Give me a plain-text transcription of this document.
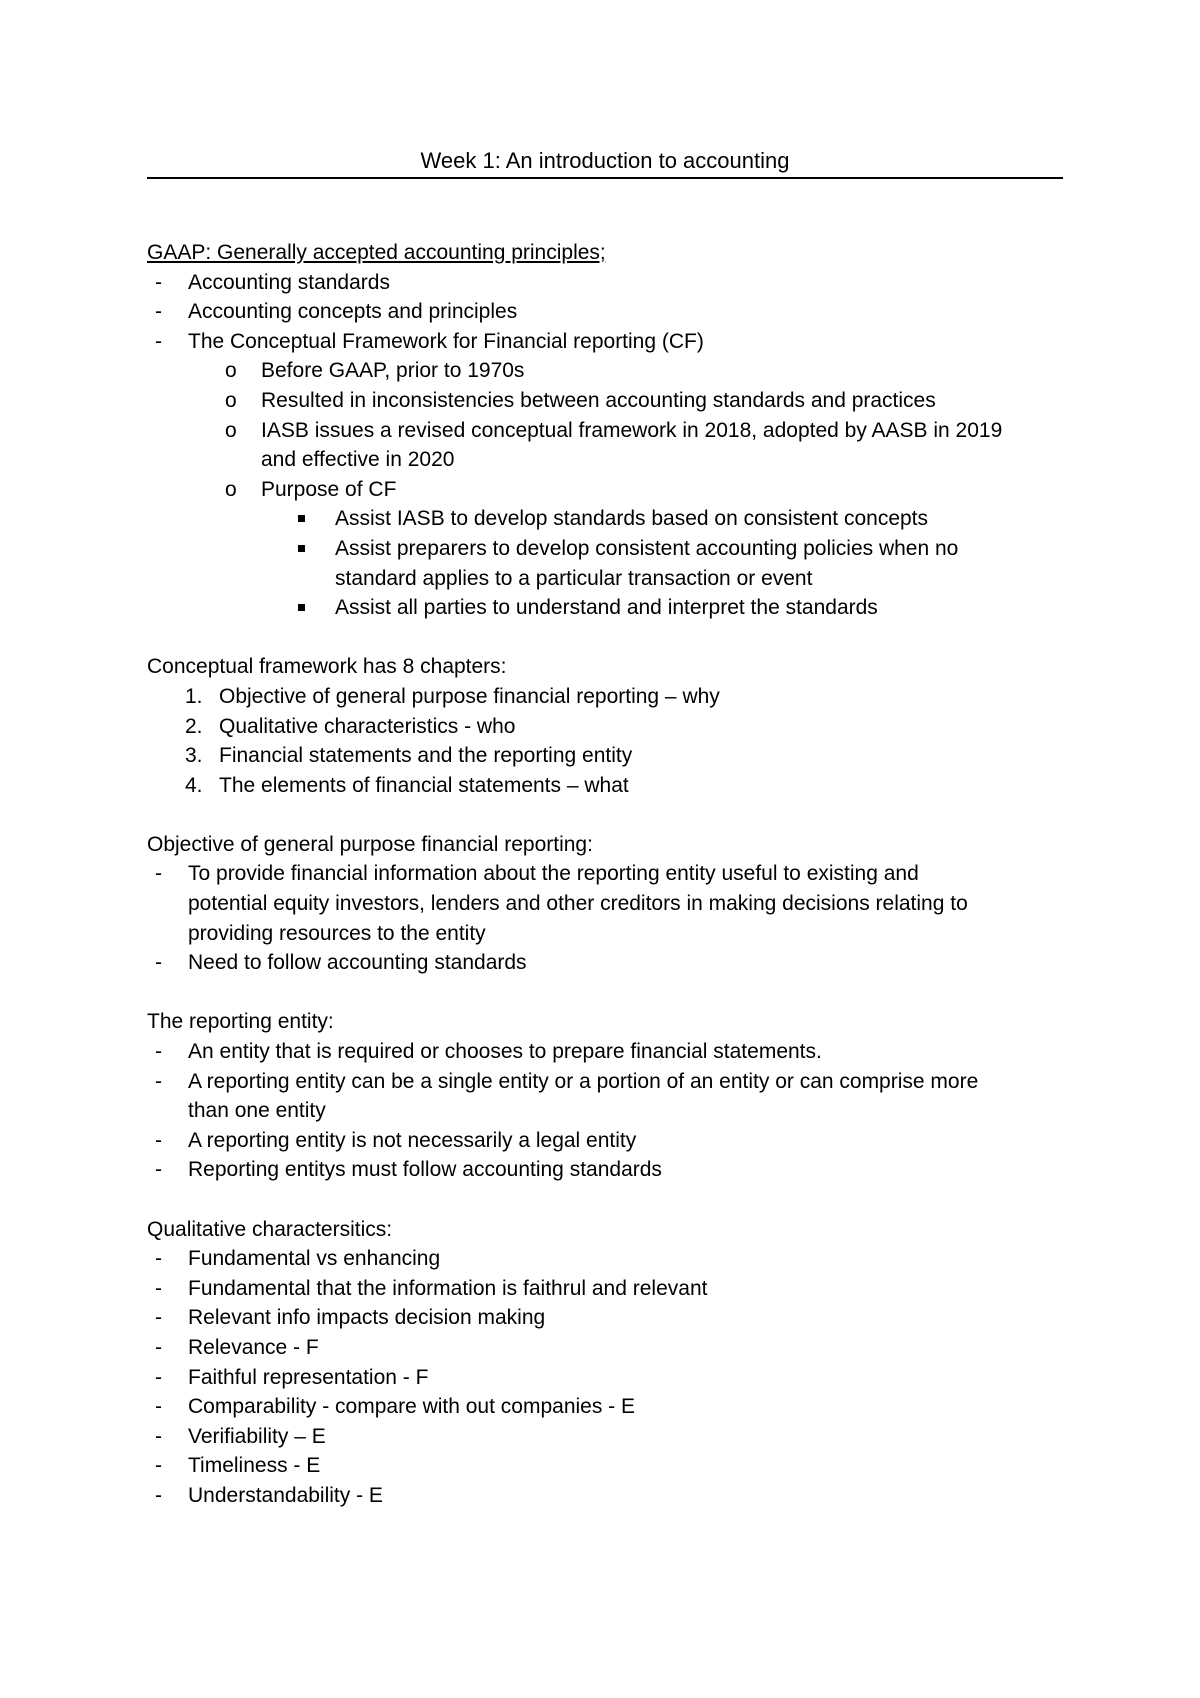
Week 1: An introduction to accounting
GAAP: Generally accepted accounting principles;
- Accounting standards
- Accounting concepts and principles
- The Conceptual Framework for Financial reporting (CF)
o Before GAAP, prior to 1970s
o Resulted in inconsistencies between accounting standards and practices
o IASB issues a revised conceptual framework in 2018, adopted by AASB in 2019
and effective in 2020
o Purpose of CF
Assist IASB to develop standards based on consistent concepts
Assist preparers to develop consistent accounting policies when no
standard applies to a particular transaction or event
Assist all parties to understand and interpret the standards
Conceptual framework has 8 chapters:
1. Objective of general purpose financial reporting – why
2. Qualitative characteristics - who
3. Financial statements and the reporting entity
4. The elements of financial statements – what
Objective of general purpose financial reporting:
- To provide financial information about the reporting entity useful to existing and
potential equity investors, lenders and other creditors in making decisions relating to
providing resources to the entity
- Need to follow accounting standards
The reporting entity:
- An entity that is required or chooses to prepare financial statements.
- A reporting entity can be a single entity or a portion of an entity or can comprise more
than one entity
- A reporting entity is not necessarily a legal entity
- Reporting entitys must follow accounting standards
Qualitative charactersitics:
- Fundamental vs enhancing
- Fundamental that the information is faithrul and relevant
- Relevant info impacts decision making
- Relevance - F
- Faithful representation - F
- Comparability - compare with out companies - E
- Verifiability – E
- Timeliness - E
- Understandability - E
